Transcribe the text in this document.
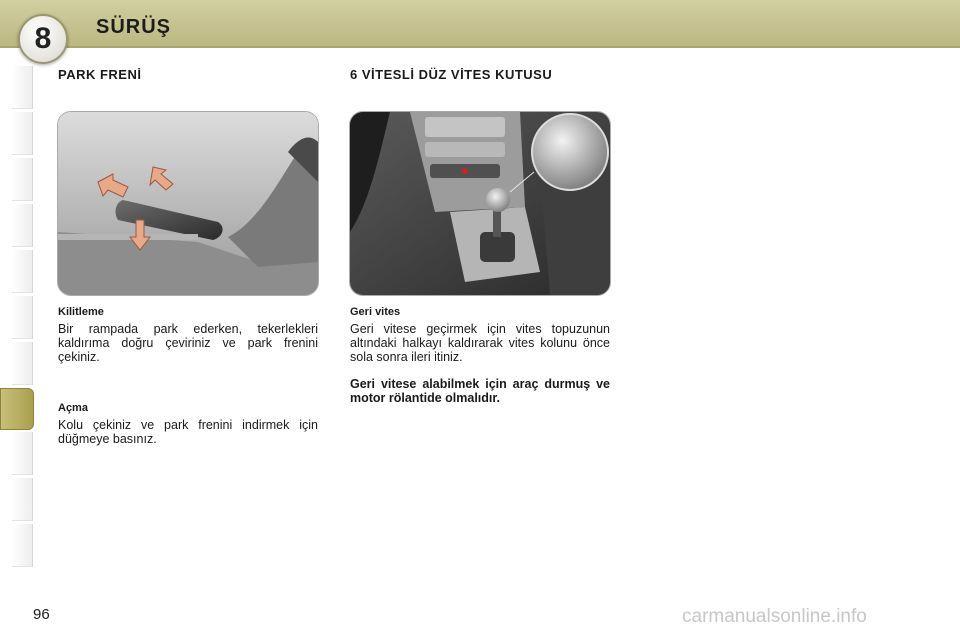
8	SÜRÜŞ
PARK FRENİ
Kilitleme
Bir rampada park ederken, tekerlekleri kaldırıma doğru çeviriniz ve park frenini çekiniz.
Açma
Kolu çekiniz ve park frenini indirmek için düğmeye basınız.
6 VİTESLİ DÜZ VİTES KUTUSU
Geri vites
Geri vitese geçirmek için vites topuzunun altındaki halkayı kaldırarak vites kolunu önce sola sonra ileri itiniz.
Geri vitese alabilmek için araç durmuş ve motor rölantide olmalıdır.
96	carmanualsonline.info
